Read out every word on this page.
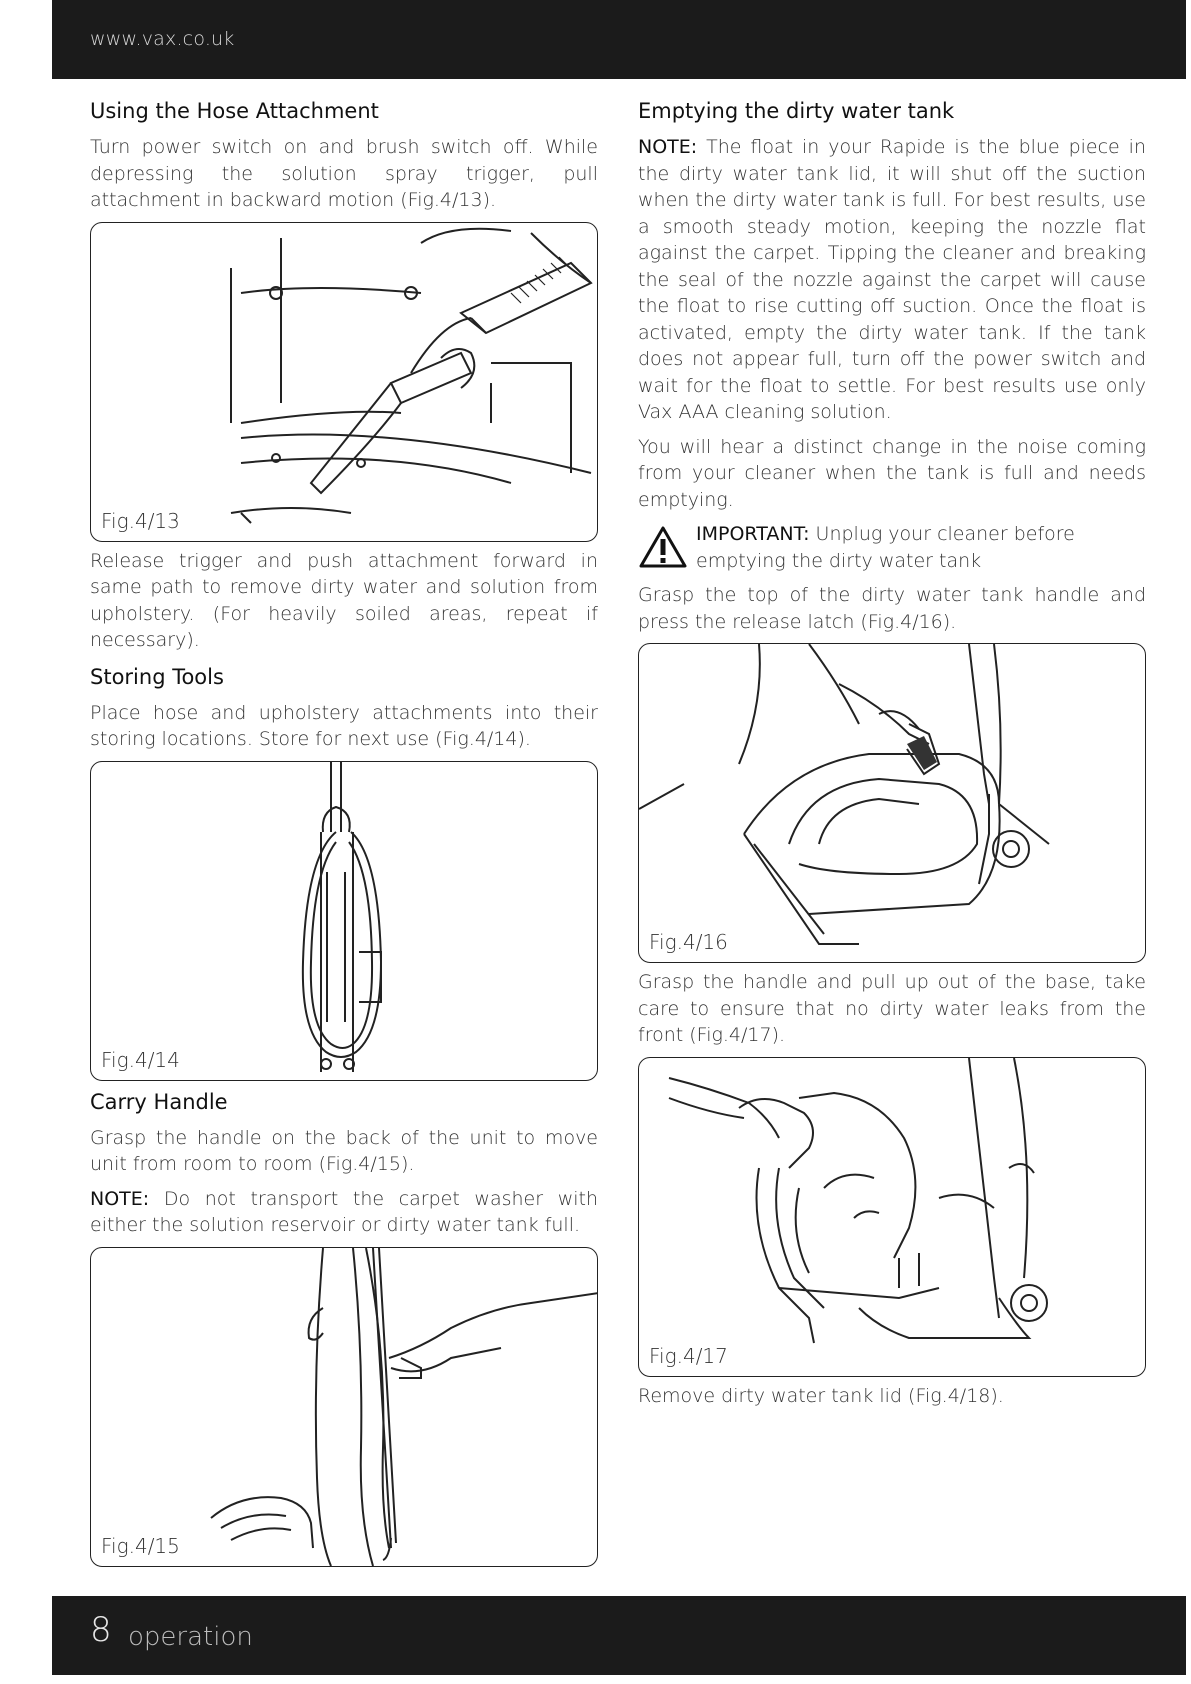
www.vax.co.uk
Using the Hose Attachment

Turn power switch on and brush switch off. While depressing the solution spray trigger, pull attachment in backward motion (Fig.4/13).

Fig.4/13

Release trigger and push attachment forward in same path to remove dirty water and solution from upholstery. (For heavily soiled areas, repeat if necessary).

Storing Tools

Place hose and upholstery attachments into their storing locations. Store for next use (Fig.4/14).

Fig.4/14
Carry Handle

Grasp the handle on the back of the unit to move unit from room to room (Fig.4/15).

NOTE: Do not transport the carpet washer with either the solution reservoir or dirty water tank full.

Fig.4/15
Emptying the dirty water tank

NOTE: The float in your Rapide is the blue piece in the dirty water tank lid, it will shut off the suction when the dirty water tank is full. For best results, use a smooth steady motion, keeping the nozzle flat against the carpet. Tipping the cleaner and breaking the seal of the nozzle against the carpet will cause the float to rise cutting off suction. Once the float is activated, empty the dirty water tank. If the tank does not appear full, turn off the power switch and wait for the float to settle. For best results use only Vax AAA cleaning solution.

You will hear a distinct change in the noise coming from your cleaner when the tank is full and needs emptying.

IMPORTANT: Unplug your cleaner before emptying the dirty water tank

Grasp the top of the dirty water tank handle and press the release latch (Fig.4/16).

Fig.4/16

Grasp the handle and pull up out of the base, take care to ensure that no dirty water leaks from the front (Fig.4/17).

Fig.4/17

Remove dirty water tank lid (Fig.4/18).

8 operation
